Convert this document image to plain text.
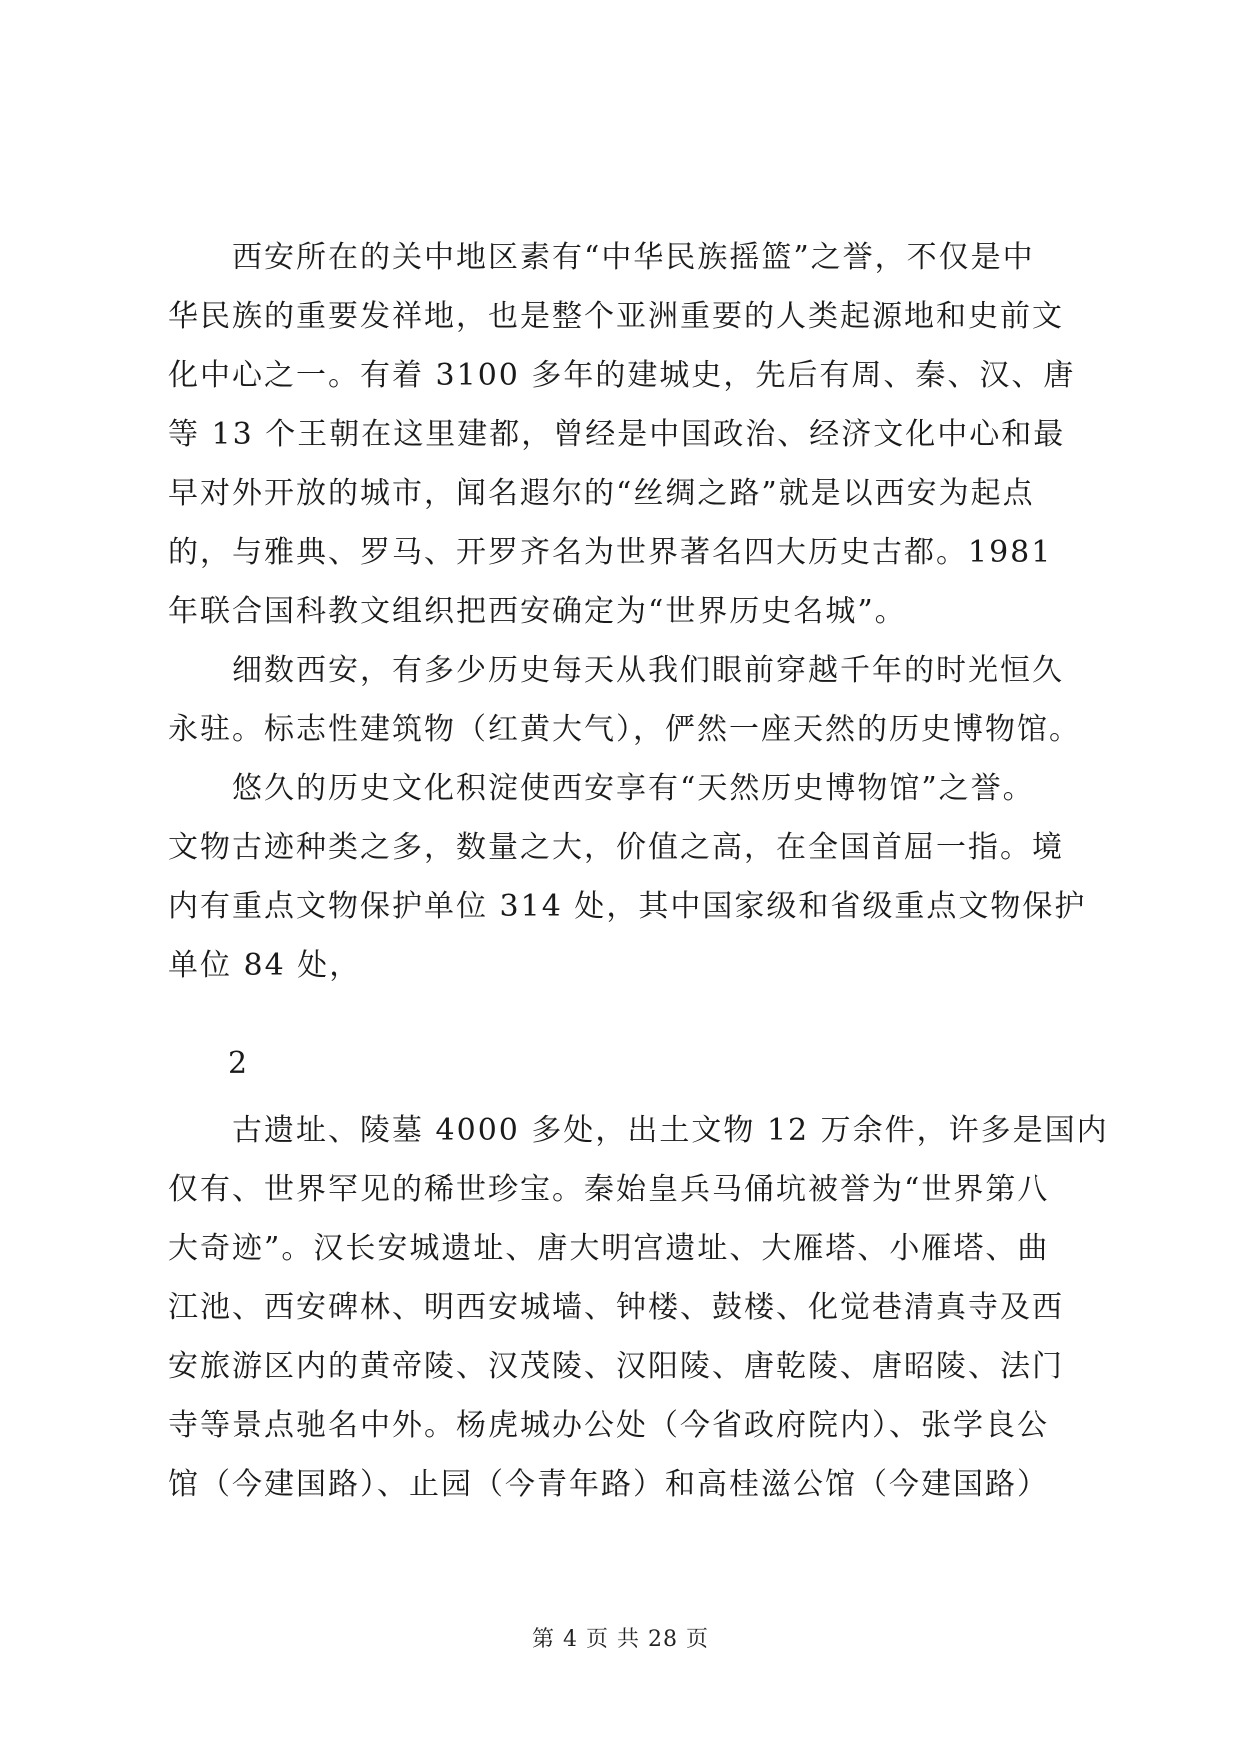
　　西安所在的关中地区素有“中华民族摇篮”之誉，不仅是中
华民族的重要发祥地，也是整个亚洲重要的人类起源地和史前文
化中心之一。有着 3100 多年的建城史，先后有周、秦、汉、唐
等 13 个王朝在这里建都，曾经是中国政治、经济文化中心和最
早对外开放的城市，闻名遐尔的“丝绸之路”就是以西安为起点
的，与雅典、罗马、开罗齐名为世界著名四大历史古都。1981
年联合国科教文组织把西安确定为“世界历史名城”。
　　细数西安，有多少历史每天从我们眼前穿越千年的时光恒久
永驻。标志性建筑物（红黄大气），俨然一座天然的历史博物馆。
　　悠久的历史文化积淀使西安享有“天然历史博物馆”之誉。
文物古迹种类之多，数量之大，价值之高，在全国首屈一指。境
内有重点文物保护单位 314 处，其中国家级和省级重点文物保护
单位 84 处，
2
　　古遗址、陵墓 4000 多处，出土文物 12 万余件，许多是国内
仅有、世界罕见的稀世珍宝。秦始皇兵马俑坑被誉为“世界第八
大奇迹”。汉长安城遗址、唐大明宫遗址、大雁塔、小雁塔、曲
江池、西安碑林、明西安城墙、钟楼、鼓楼、化觉巷清真寺及西
安旅游区内的黄帝陵、汉茂陵、汉阳陵、唐乾陵、唐昭陵、法门
寺等景点驰名中外。杨虎城办公处（今省政府院内）、张学良公
馆（今建国路）、止园（今青年路）和高桂滋公馆（今建国路）
第 4 页 共 28 页
